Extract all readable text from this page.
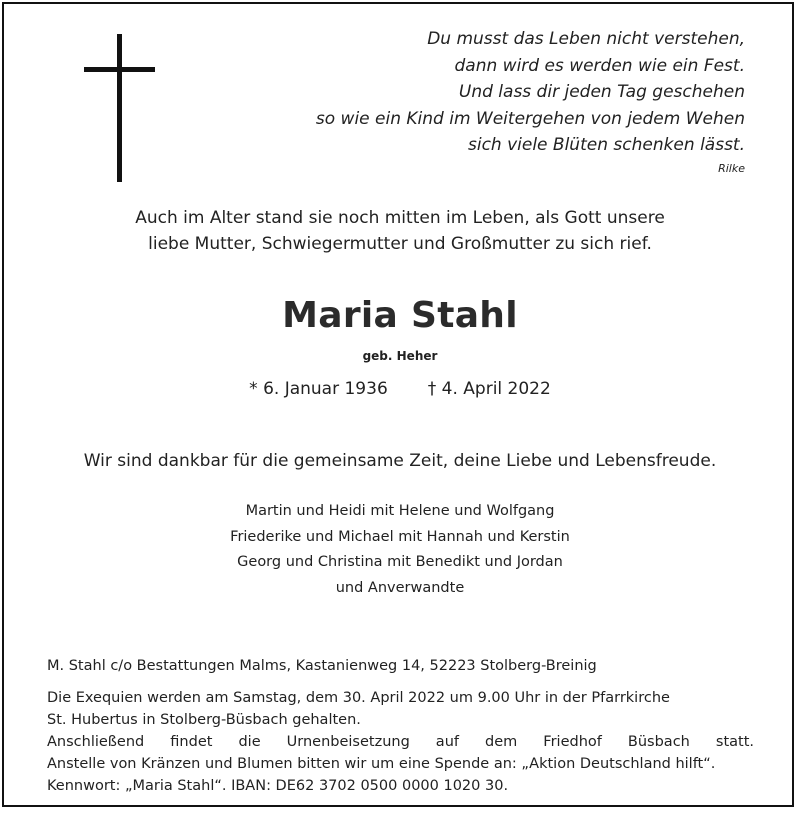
Du musst das Leben nicht verstehen,
dann wird es werden wie ein Fest.
Und lass dir jeden Tag geschehen
so wie ein Kind im Weitergehen von jedem Wehen
sich viele Blüten schenken lässt.
Rilke
Auch im Alter stand sie noch mitten im Leben, als Gott unsere
liebe Mutter, Schwiegermutter und Großmutter zu sich rief.
Maria Stahl
geb. Heher
* 6. Januar 1936 † 4. April 2022
Wir sind dankbar für die gemeinsame Zeit, deine Liebe und Lebensfreude.
Martin und Heidi mit Helene und Wolfgang
Friederike und Michael mit Hannah und Kerstin
Georg und Christina mit Benedikt und Jordan
und Anverwandte
M. Stahl c/o Bestattungen Malms, Kastanienweg 14, 52223 Stolberg-Breinig
Die Exequien werden am Samstag, dem 30. April 2022 um 9.00 Uhr in der Pfarrkirche
St. Hubertus in Stolberg-Büsbach gehalten.
Anschließend findet die Urnenbeisetzung auf dem Friedhof Büsbach statt.
Anstelle von Kränzen und Blumen bitten wir um eine Spende an: „Aktion Deutschland hilft“.
Kennwort: „Maria Stahl“. IBAN: DE62 3702 0500 0000 1020 30.
